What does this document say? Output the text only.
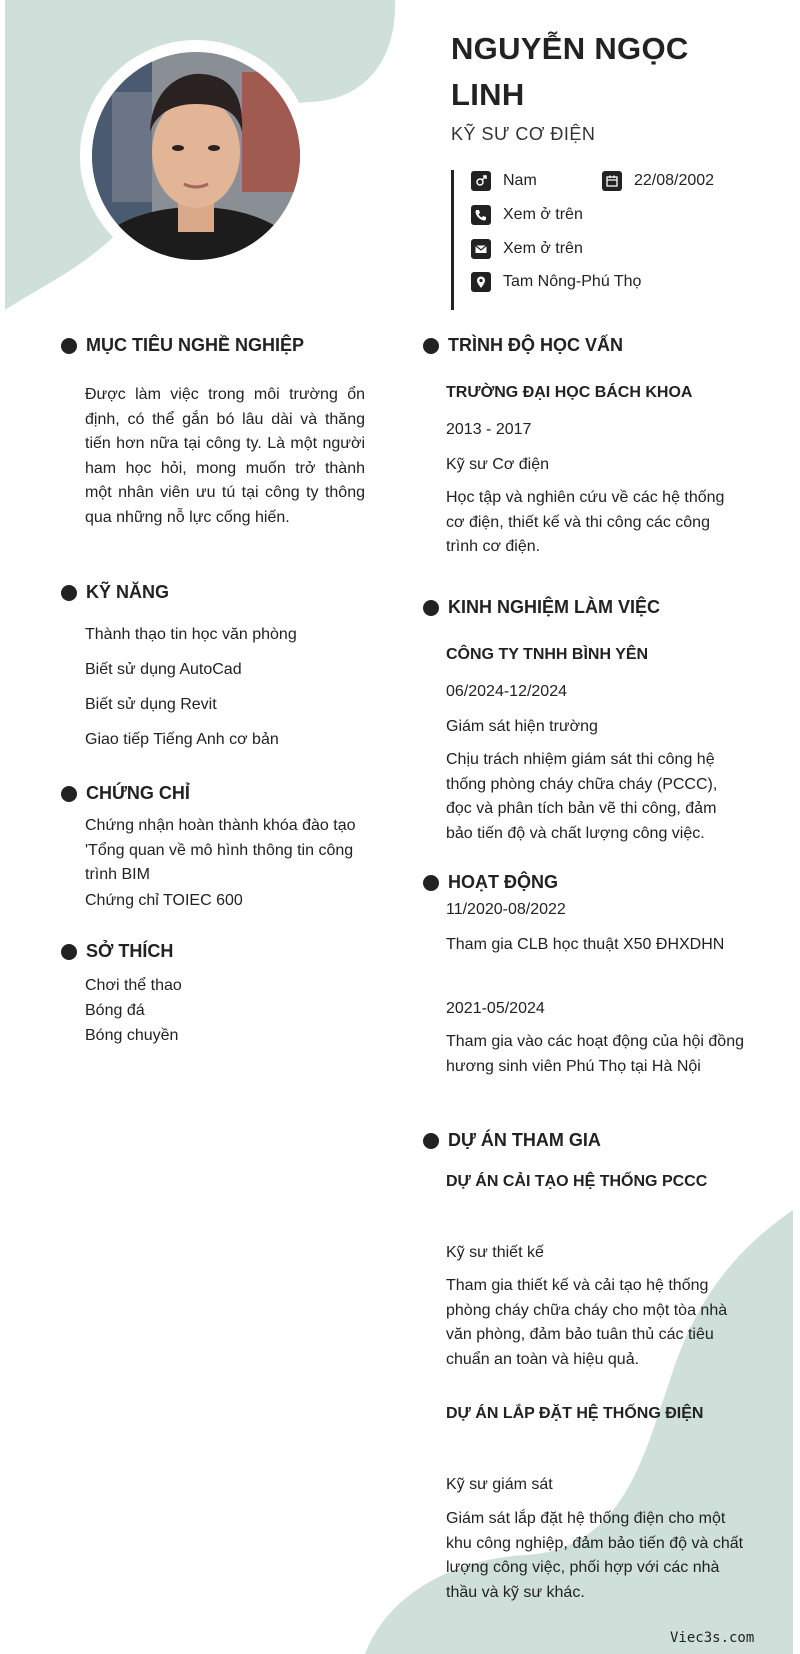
NGUYỄN NGỌC LINH
KỸ SƯ CƠ ĐIỆN
Nam	22/08/2002
Xem ở trên
Xem ở trên
Tam Nông-Phú Thọ
MỤC TIÊU NGHỀ NGHIỆP
Được làm việc trong môi trường ổn định, có thể gắn bó lâu dài và thăng tiến hơn nữa tại công ty. Là một người ham học hỏi, mong muốn trở thành một nhân viên ưu tú tại công ty thông qua những nỗ lực cống hiến.
KỸ NĂNG
Thành thạo tin học văn phòng
Biết sử dụng AutoCad
Biết sử dụng Revit
Giao tiếp Tiếng Anh cơ bản
CHỨNG CHỈ
Chứng nhận hoàn thành khóa đào tạo 'Tổng quan về mô hình thông tin công trình BIM
Chứng chỉ TOIEC 600
SỞ THÍCH
Chơi thể thao
Bóng đá
Bóng chuyền
TRÌNH ĐỘ HỌC VẤN
TRƯỜNG ĐẠI HỌC BÁCH KHOA
2013 - 2017
Kỹ sư Cơ điện
Học tập và nghiên cứu về các hệ thống cơ điện, thiết kế và thi công các công trình cơ điện.
KINH NGHIỆM LÀM VIỆC
CÔNG TY TNHH BÌNH YÊN
06/2024-12/2024
Giám sát hiện trường
Chịu trách nhiệm giám sát thi công hệ thống phòng cháy chữa cháy (PCCC), đọc và phân tích bản vẽ thi công, đảm bảo tiến độ và chất lượng công việc.
HOẠT ĐỘNG
11/2020-08/2022
Tham gia CLB học thuật X50 ĐHXDHN
2021-05/2024
Tham gia vào các hoạt động của hội đồng hương sinh viên Phú Thọ tại Hà Nội
DỰ ÁN THAM GIA
DỰ ÁN CẢI TẠO HỆ THỐNG PCCC
Kỹ sư thiết kế
Tham gia thiết kế và cải tạo hệ thống phòng cháy chữa cháy cho một tòa nhà văn phòng, đảm bảo tuân thủ các tiêu chuẩn an toàn và hiệu quả.
DỰ ÁN LẮP ĐẶT HỆ THỐNG ĐIỆN
Kỹ sư giám sát
Giám sát lắp đặt hệ thống điện cho một khu công nghiệp, đảm bảo tiến độ và chất lượng công việc, phối hợp với các nhà thầu và kỹ sư khác.
Viec3s.com
